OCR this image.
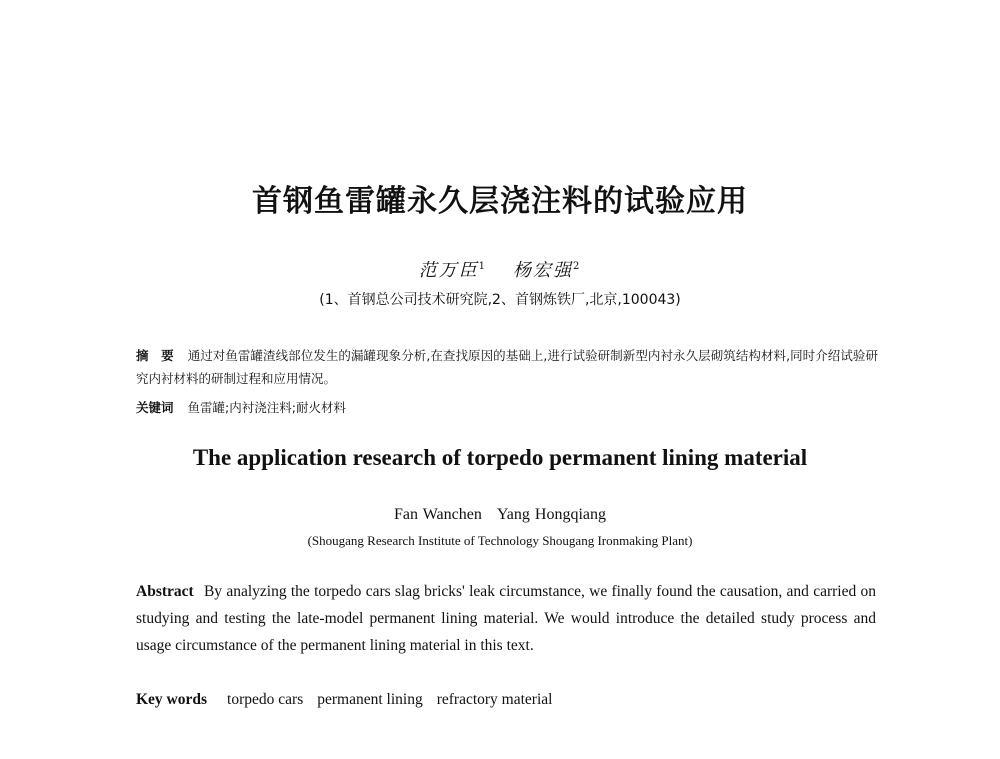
首钢鱼雷罐永久层浇注料的试验应用
范万臣$^1$ 杨宏强$^2$
(1、首钢总公司技术研究院,2、首钢炼铁厂,北京,100043)
摘　要 通过对鱼雷罐渣线部位发生的漏罐现象分析,在查找原因的基础上,进行试验研制新型内衬永久层砌筑结构材料,同时介绍试验研究内衬材料的研制过程和应用情况。
关键词 鱼雷罐;内衬浇注料;耐火材料
The application research of torpedo permanent lining material
Fan Wanchen Yang Hongqiang
(Shougang Research Institute of Technology Shougang Ironmaking Plant)
Abstract By analyzing the torpedo cars slag bricks' leak circumstance, we finally found the causation, and carried on studying and testing the late-model permanent lining material. We would introduce the detailed study process and usage circumstance of the permanent lining material in this text.
Key words torpedo cars permanent lining refractory material
